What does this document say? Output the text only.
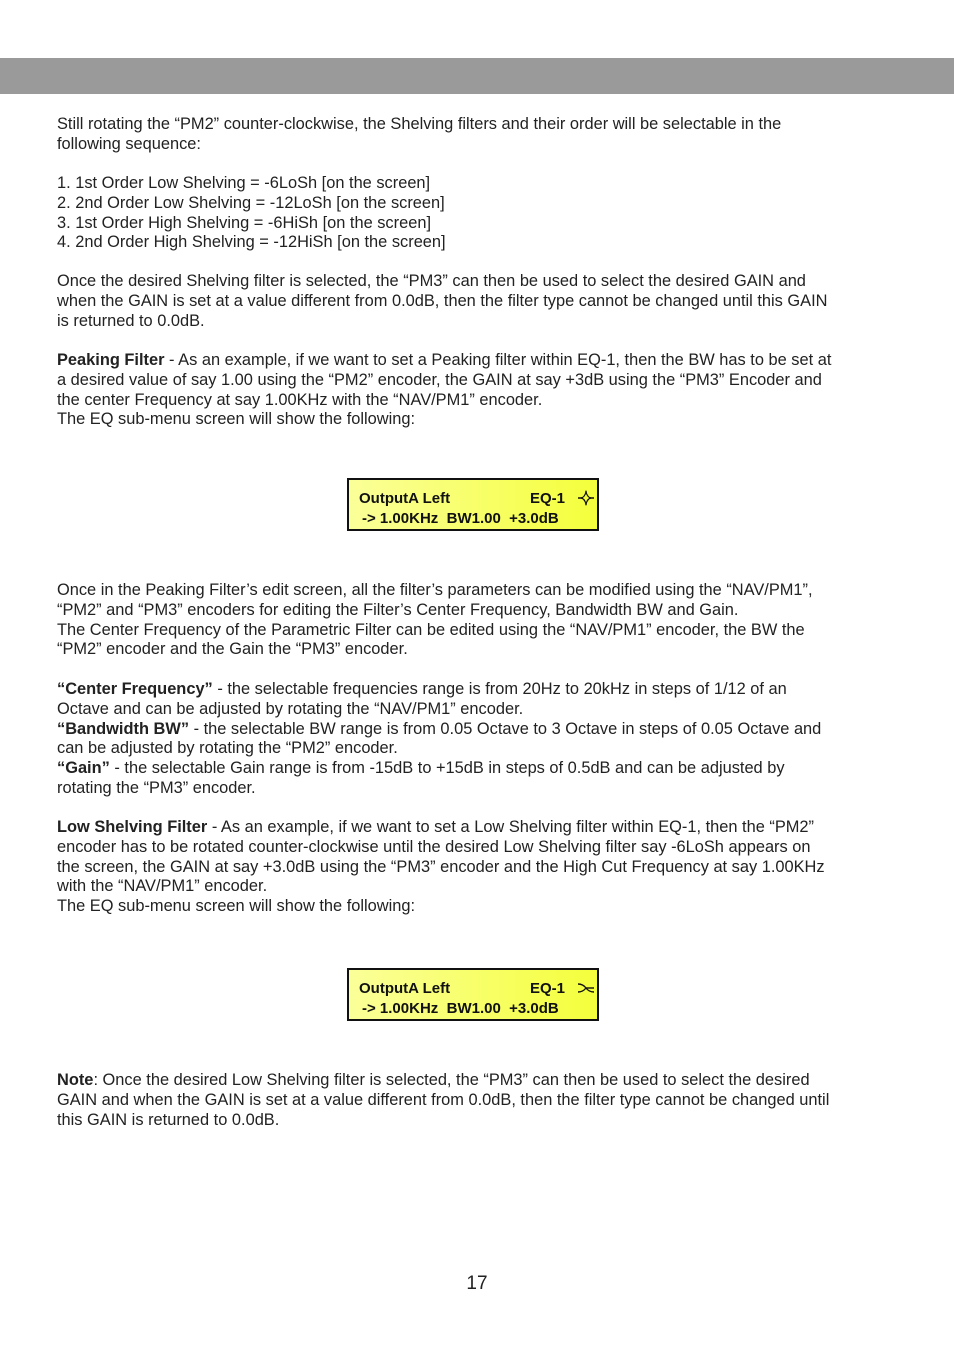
Still rotating the “PM2” counter-clockwise, the Shelving filters and their order will be selectable in the

following sequence:

1. 1st Order Low Shelving = -6LoSh [on the screen]

2. 2nd Order Low Shelving = -12LoSh [on the screen]

3. 1st Order High Shelving = -6HiSh [on the screen]

4. 2nd Order High Shelving = -12HiSh [on the screen]

Once the desired Shelving filter is selected, the “PM3” can then be used to select the desired GAIN and

when the GAIN is set at a value different from 0.0dB, then the filter type cannot be changed until this GAIN

is returned to 0.0dB.

Peaking Filter - As an example, if we want to set a Peaking filter within EQ-1, then the BW has to be set at

a desired value of say 1.00 using the “PM2” encoder, the GAIN at say +3dB using the “PM3” Encoder and

the center Frequency at say 1.00KHz with the “NAV/PM1” encoder.

The EQ sub-menu screen will show the following:

OutputA Left	EQ-1
-> 1.00KHz  BW1.00  +3.0dB

Once in the Peaking Filter’s edit screen, all the filter’s parameters can be modified using the “NAV/PM1”,

“PM2” and “PM3” encoders for editing the Filter’s Center Frequency, Bandwidth BW and Gain.

The Center Frequency of the Parametric Filter can be edited using the “NAV/PM1” encoder, the BW the

“PM2” encoder and the Gain the “PM3” encoder.

“Center Frequency” - the selectable frequencies range is from 20Hz to 20kHz in steps of 1/12 of an

Octave and can be adjusted by rotating the “NAV/PM1” encoder.

“Bandwidth BW” - the selectable BW range is from 0.05 Octave to 3 Octave in steps of 0.05 Octave and

can be adjusted by rotating the “PM2” encoder.

“Gain” - the selectable Gain range is from -15dB to +15dB in steps of 0.5dB and can be adjusted by

rotating the “PM3” encoder.

Low Shelving Filter - As an example, if we want to set a Low Shelving filter within EQ-1, then the “PM2”

encoder has to be rotated counter-clockwise until the desired Low Shelving filter say -6LoSh appears on

the screen, the GAIN at say +3.0dB using the “PM3” encoder and the High Cut Frequency at say 1.00KHz

with the “NAV/PM1” encoder.

The EQ sub-menu screen will show the following:

OutputA Left	EQ-1
-> 1.00KHz  BW1.00  +3.0dB

Note: Once the desired Low Shelving filter is selected, the “PM3” can then be used to select the desired

GAIN and when the GAIN is set at a value different from 0.0dB, then the filter type cannot be changed until

this GAIN is returned to 0.0dB.

17
